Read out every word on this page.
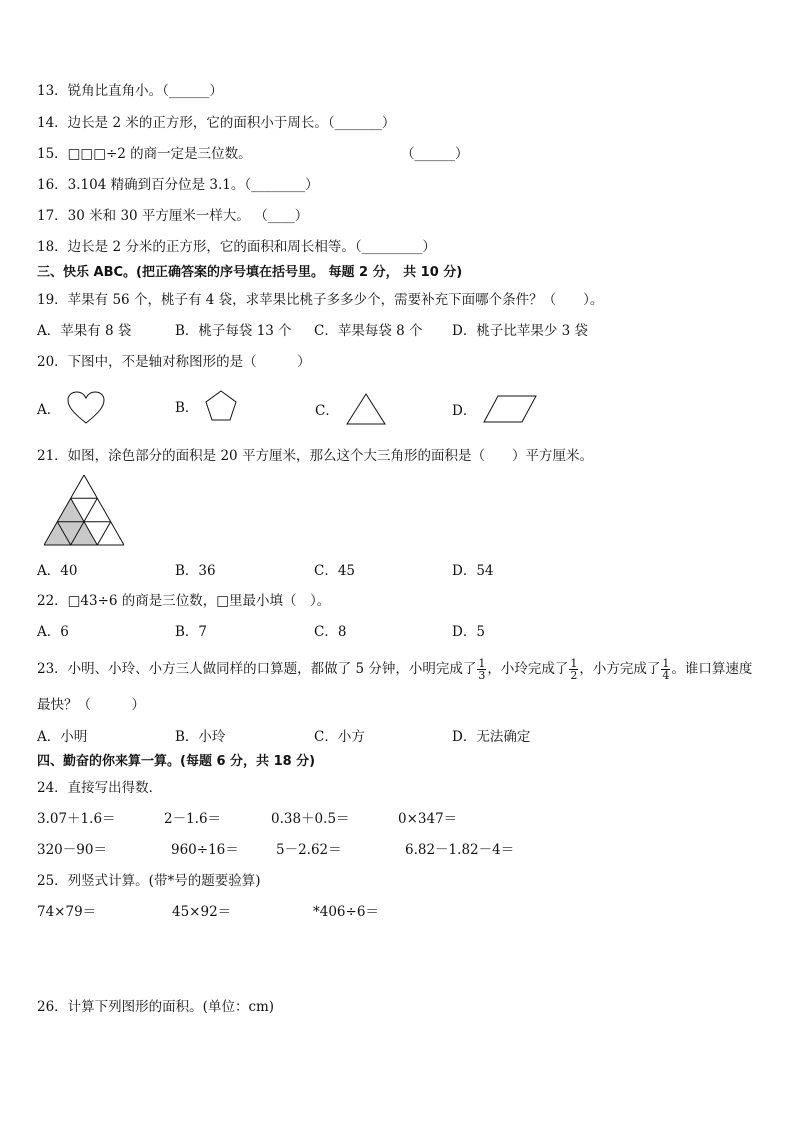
13．锐角比直角小。（______）
14．边长是 2 米的正方形，它的面积小于周长。（_______）
15．□□□÷2 的商一定是三位数。	（______）
16．3.104 精确到百分位是 3.1。（________）
17．30 米和 30 平方厘米一样大。 （____）
18．边长是 2 分米的正方形，它的面积和周长相等。（_________）
三、快乐 ABC。(把正确答案的序号填在括号里。 每题 2 分， 共 10 分)
19．苹果有 56 个，桃子有 4 袋，求苹果比桃子多多少个，需要补充下面哪个条件？（　　）。
A．苹果有 8 袋	B．桃子每袋 13 个 C．苹果每袋 8 个 D．桃子比苹果少 3 袋
20．下图中，不是轴对称图形的是（　　　）
A．	B．	C．	D．
21．如图，涂色部分的面积是 20 平方厘米，那么这个大三角形的面积是（　　）平方厘米。
A．40	B．36	C．45	D．54
22．□43÷6 的商是三位数，□里最小填（　）。
A．6	B．7	C．8	D．5
23．小明、小玲、小方三人做同样的口算题，都做了 5 分钟，小明完成了 $\frac{1}{3}$ ，小玲完成了 $\frac{1}{2}$ ，小方完成了 $\frac{1}{4}$ 。谁口算速度
最快？（　　　）
A．小明	B．小玲	C．小方	D．无法确定
四、勤奋的你来算一算。(每题 6 分，共 18 分)
24．直接写出得数．
3.07＋1.6＝	2－1.6＝	0.38＋0.5＝	0×347＝
320－90＝	960÷16＝	5－2.62＝	6.82－1.82－4＝
25．列竖式计算。(带*号的题要验算)
74×79＝	45×92＝	*406÷6＝
26．计算下列图形的面积。(单位：cm)
